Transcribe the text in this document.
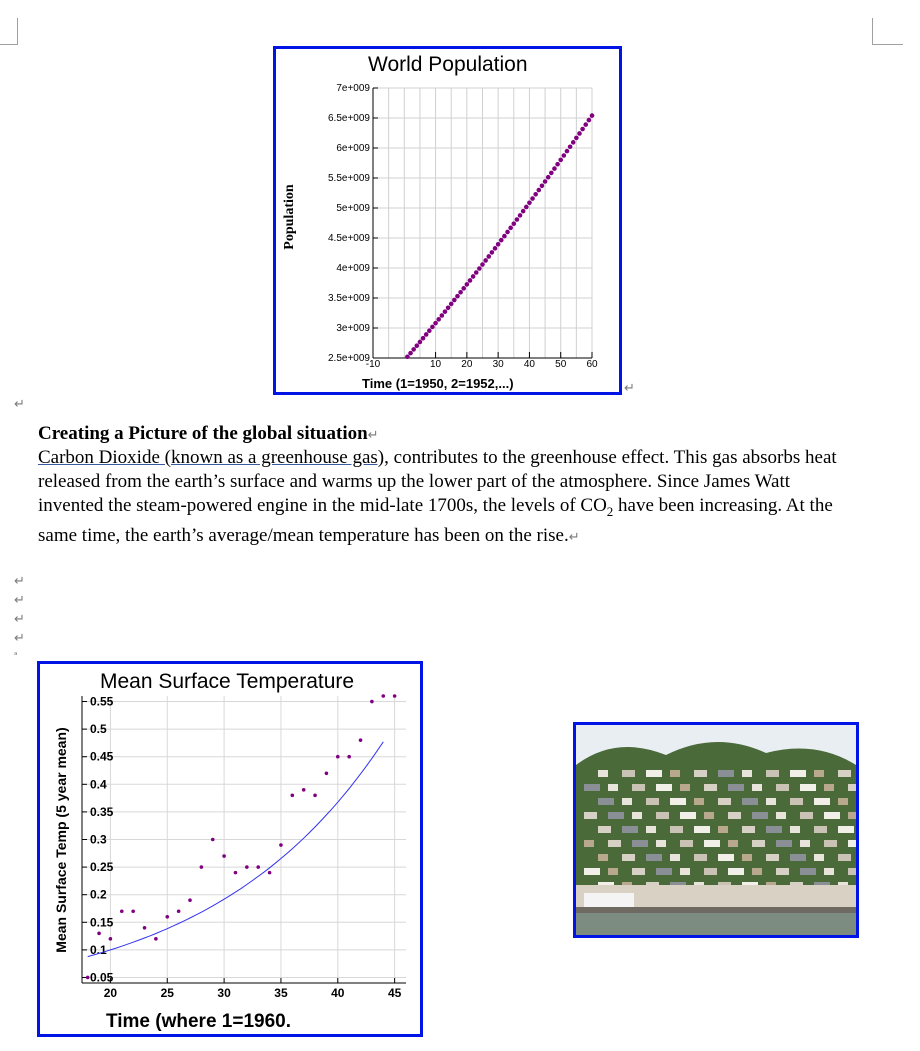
World Population
Population
Time (1=1950, 2=1952,...)
2.5e+009
3e+009
3.5e+009
4e+009
4.5e+009
5e+009
5.5e+009
6e+009
6.5e+009
7e+009
-10	10 20 30 40 50 60
↵
↵
Creating a Picture of the global situation↵
Carbon Dioxide (known as a greenhouse gas), contributes to the greenhouse effect. This gas absorbs heat released from the earth’s surface and warms up the lower part of the atmosphere. Since James Watt invented the steam-powered engine in the mid-late 1700s, the levels of $CO_2$ have been increasing. At the same time, the earth’s average/mean temperature has been on the rise.↵
↵
↵
↵
↵
ᵃ
Mean Surface Temperature
Mean Surface Temp (5 year mean)
Time (where 1=1960.
0.05
0.1
0.15
0.2
0.25
0.3
0.35
0.4
0.45
0.5
0.55
20	25	30	35	40	45
